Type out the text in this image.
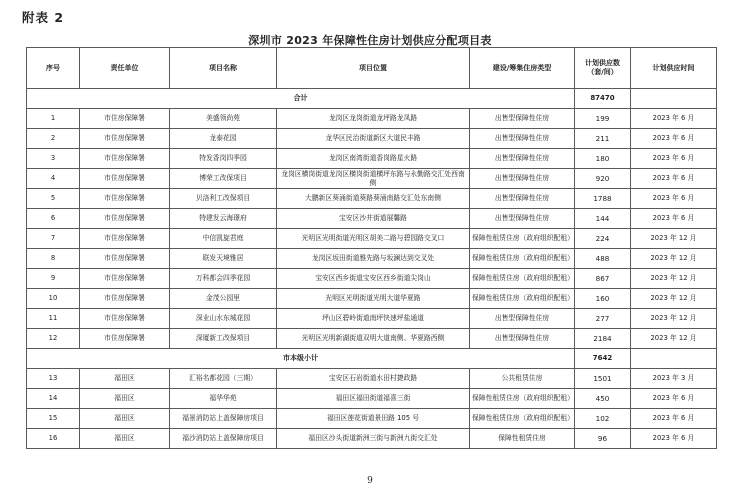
附表 2
深圳市 2023 年保障性住房计划供应分配项目表
序号	责任单位	项目名称	项目位置	建设/筹集住房类型	计划供应数（套/间）	计划供应时间
合计					87470	
1	市住房保障署	美盛领尚苑	龙岗区龙岗街道龙坪路龙凤路	出售型保障性住房	199	2023 年 6 月
2	市住房保障署	龙泰花园	龙华区民治街道新区大道民丰路	出售型保障性住房	211	2023 年 6 月
3	市住房保障署	特发香岗四季园	龙岗区南湾街道香岗路星火路	出售型保障性住房	180	2023 年 6 月
4	市住房保障署	博荣工改保项目	龙岗区横岗街道龙岗区横岗街道横坪东路与永勤路交汇处西南侧	出售型保障性住房	920	2023 年 6 月
5	市住房保障署	贝洛利工改保项目	大鹏新区葵涌街道葵路葵涌南路交汇处东南侧	出售型保障性住房	1788	2023 年 6 月
6	市住房保障署	特建发云海璟府	宝安区沙井街道展馨路	出售型保障性住房	144	2023 年 6 月
7	市住房保障署	中信凯旋君庭	光明区光明街道光明区胡美二路与碧园路交叉口	保障性租赁住房（政府组织配租）	224	2023 年 12 月
8	市住房保障署	联发天境雅居	龙岗区坂田街道雅先路与坂澜达到交叉处	保障性租赁住房（政府组织配租）	488	2023 年 12 月
9	市住房保障署	万科都会四季花园	宝安区西乡街道宝安区西乡街道尖岗山	保障性租赁住房（政府组织配租）	867	2023 年 12 月
10	市住房保障署	金茂公园里	光明区光明街道光明大道华夏路	保障性租赁住房（政府组织配租）	160	2023 年 12 月
11	市住房保障署	深业山水东城花园	坪山区碧岭街道南坪快速坪盐通道	出售型保障性住房	277	2023 年 12 月
12	市住房保障署	深厦新工改保项目	光明区光明新湖街道双明大道南侧、华夏路西侧	出售型保障性住房	2184	2023 年 12 月
市本级小计					7642	
13	福田区	汇裕名都花园（三期）	宝安区石岩街道水田村捷政路	公共租赁住房	1501	2023 年 3 月
14	福田区	福华华苑	福田区福田街道福喜三街	保障性租赁住房（政府组织配租）	450	2023 年 6 月
15	福田区	福景消防站上盖保障房项目	福田区莲花街道景田路 105 号	保障性租赁住房（政府组织配租）	102	2023 年 6 月
16	福田区	福沙消防站上盖保障房项目	福田区沙头街道新洲三街与新洲九街交汇处	保障性租赁住房	96	2023 年 6 月
9
